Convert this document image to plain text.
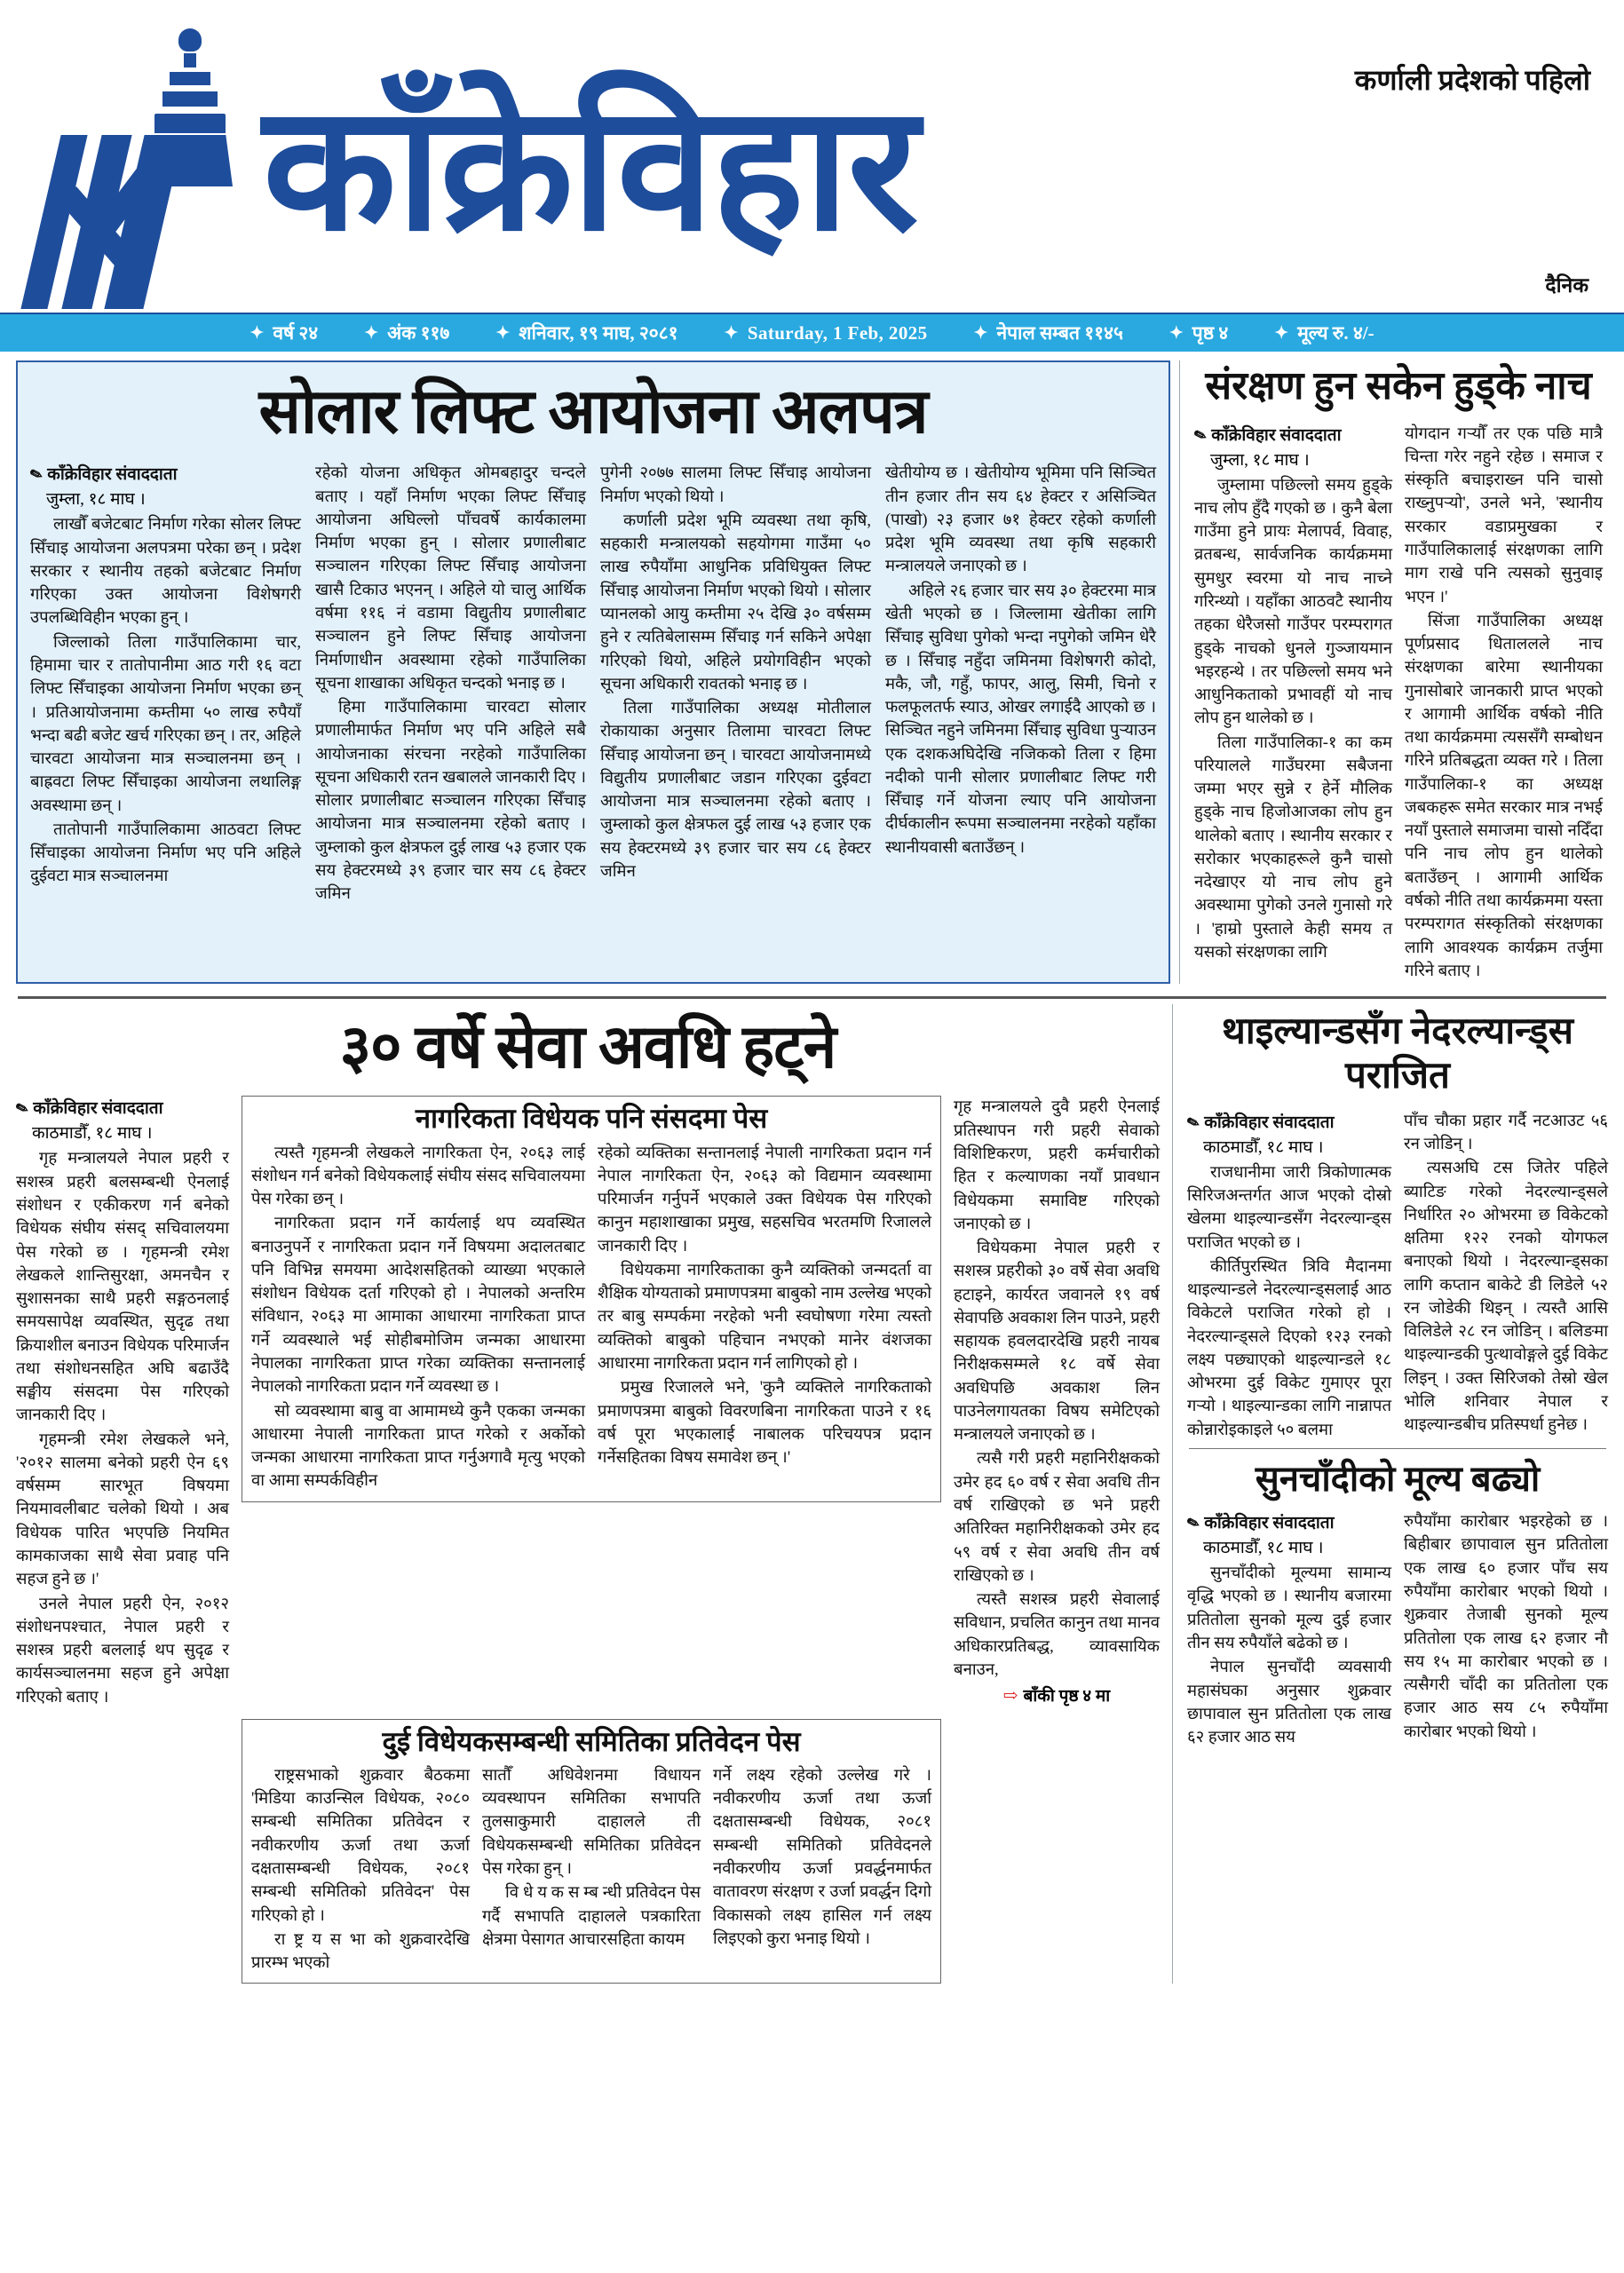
कर्णाली प्रदेशको पहिलो
काँक्रेविहार
दैनिक
✦ वर्ष २४	✦ अंक ११७	✦ शनिवार, १९ माघ, २०८१	✦ Saturday, 1 Feb, 2025	✦ नेपाल सम्बत ११४५	✦ पृष्ठ ४	✦ मूल्य रु. ४/-
सोलार लिफ्ट आयोजना अलपत्र
✎ काँक्रेविहार संवाददाता
जुम्ला, १८ माघ ।

लाखौँ बजेटबाट निर्माण गरेका सोलर लिफ्ट सिँचाइ आयोजना अलपत्रमा परेका छन् । प्रदेश सरकार र स्थानीय तहको बजेटबाट निर्माण गरिएका उक्त आयोजना विशेषगरी उपलब्धिविहीन भएका हुन् ।

जिल्लाको तिला गाउँपालिकामा चार, हिमामा चार र तातोपानीमा आठ गरी १६ वटा लिफ्ट सिँचाइका आयोजना निर्माण भएका छन् । प्रतिआयोजनामा कम्तीमा ५० लाख रुपैयाँ भन्दा बढी बजेट खर्च गरिएका छन् । तर, अहिले चारवटा आयोजना मात्र सञ्चालनमा छन् । बाह्रवटा लिफ्ट सिँचाइका आयोजना लथालिङ्ग अवस्थामा छन् ।

तातोपानी गाउँपालिकामा आठवटा लिफ्ट सिँचाइका आयोजना निर्माण भए पनि अहिले दुईवटा मात्र सञ्चालनमा

रहेको योजना अधिकृत ओमबहादुर चन्दले बताए । यहाँ निर्माण भएका लिफ्ट सिँचाइ आयोजना अघिल्लो पाँचवर्षे कार्यकालमा निर्माण भएका हुन् । सोलार प्रणालीबाट सञ्चालन गरिएका लिफ्ट सिँचाइ आयोजना खासै टिकाउ भएनन् । अहिले यो चालु आर्थिक वर्षमा ११६ नं वडामा विद्युतीय प्रणालीबाट सञ्चालन हुने लिफ्ट सिँचाइ आयोजना निर्माणाधीन अवस्थामा रहेको गाउँपालिका सूचना शाखाका अधिकृत चन्दको भनाइ छ ।

हिमा गाउँपालिकामा चारवटा सोलार प्रणालीमार्फत निर्माण भए पनि अहिले सबै आयोजनाका संरचना नरहेको गाउँपालिका सूचना अधिकारी रतन खबालले जानकारी दिए । सोलार प्रणालीबाट सञ्चालन गरिएका सिँचाइ आयोजना मात्र सञ्चालनमा रहेको बताए । जुम्लाको कुल क्षेत्रफल दुई लाख ५३ हजार एक सय हेक्टरमध्ये ३९ हजार चार सय ८६ हेक्टर जमिन

पुगेनी २०७७ सालमा लिफ्ट सिँचाइ आयोजना निर्माण भएको थियो ।

कर्णाली प्रदेश भूमि व्यवस्था तथा कृषि, सहकारी मन्त्रालयको सहयोगमा गाउँमा ५० लाख रुपैयाँमा आधुनिक प्रविधियुक्त लिफ्ट सिँचाइ आयोजना निर्माण भएको थियो । सोलार प्यानलको आयु कम्तीमा २५ देखि ३० वर्षसम्म हुने र त्यतिबेलासम्म सिँचाइ गर्न सकिने अपेक्षा गरिएको थियो, अहिले प्रयोगविहीन भएको सूचना अधिकारी रावतको भनाइ छ ।

तिला गाउँपालिका अध्यक्ष मोतीलाल रोकायाका अनुसार तिलामा चारवटा लिफ्ट सिँचाइ आयोजना छन् । चारवटा आयोजनामध्ये विद्युतीय प्रणालीबाट जडान गरिएका दुईवटा आयोजना मात्र सञ्चालनमा रहेको बताए । जुम्लाको कुल क्षेत्रफल दुई लाख ५३ हजार एक सय हेक्टरमध्ये ३९ हजार चार सय ८६ हेक्टर जमिन

खेतीयोग्य छ । खेतीयोग्य भूमिमा पनि सिञ्चित तीन हजार तीन सय ६४ हेक्टर र असिञ्चित (पाखो) २३ हजार ७१ हेक्टर रहेको कर्णाली प्रदेश भूमि व्यवस्था तथा कृषि सहकारी मन्त्रालयले जनाएको छ ।

अहिले २६ हजार चार सय ३० हेक्टरमा मात्र खेती भएको छ । जिल्लामा खेतीका लागि सिँचाइ सुविधा पुगेको भन्दा नपुगेको जमिन धेरै छ । सिँचाइ नहुँदा जमिनमा विशेषगरी कोदो, मकै, जौ, गहुँ, फापर, आलु, सिमी, चिनो र फलफूलतर्फ स्याउ, ओखर लगाईदै आएको छ । सिञ्चित नहुने जमिनमा सिँचाइ सुविधा पुर्‍याउन एक दशकअघिदेखि नजिकको तिला र हिमा नदीको पानी सोलार प्रणालीबाट लिफ्ट गरी सिँचाइ गर्ने योजना ल्याए पनि आयोजना दीर्घकालीन रूपमा सञ्चालनमा नरहेको यहाँका स्थानीयवासी बताउँछन् ।

संरक्षण हुन सकेन हुड्के नाच
✎ काँक्रेविहार संवाददाता
जुम्ला, १८ माघ ।

जुम्लामा पछिल्लो समय हुड्के नाच लोप हुँदै गएको छ । कुनै बेला गाउँमा हुने प्रायः मेलापर्व, विवाह, व्रतबन्ध, सार्वजनिक कार्यक्रममा सुमधुर स्वरमा यो नाच नाच्ने गरिन्थ्यो । यहाँका आठवटै स्थानीय तहका धेरैजसो गाउँपर परम्परागत हुड्के नाचको धुनले गुञ्जायमान भइरहन्थे । तर पछिल्लो समय भने आधुनिकताको प्रभावहीं यो नाच लोप हुन थालेको छ ।

तिला गाउँपालिका-१ का कम परियालले गाउँघरमा सबैजना जम्मा भएर सुन्ने र हेर्ने मौलिक हुड्के नाच हिजोआजका लोप हुन थालेको बताए । स्थानीय सरकार र सरोकार भएकाहरूले कुनै चासो नदेखाएर यो नाच लोप हुने अवस्थामा पुगेको उनले गुनासो गरे । 'हाम्रो पुस्ताले केही समय त यसको संरक्षणका लागि

योगदान गर्‍यौँ तर एक पछि मात्रै चिन्ता गरेर नहुने रहेछ । समाज र संस्कृति बचाइराख्न पनि चासो राख्नुपर्‍यो', उनले भने, 'स्थानीय सरकार वडाप्रमुखका र गाउँपालिकालाई संरक्षणका लागि माग राखे पनि त्यसको सुनुवाइ भएन ।'

सिंजा गाउँपालिका अध्यक्ष पूर्णप्रसाद धिताललले नाच संरक्षणका बारेमा स्थानीयका गुनासोबारे जानकारी प्राप्त भएको र आगामी आर्थिक वर्षको नीति तथा कार्यक्रममा त्यससँगै सम्बोधन गरिने प्रतिबद्धता व्यक्त गरे । तिला गाउँपालिका-१ का अध्यक्ष जबकहरू समेत सरकार मात्र नभई नयाँ पुस्ताले समाजमा चासो नदिँदा पनि नाच लोप हुन थालेको बताउँछन् । आगामी आर्थिक वर्षको नीति तथा कार्यक्रममा यस्ता परम्परागत संस्कृतिको संरक्षणका लागि आवश्यक कार्यक्रम तर्जुमा गरिने बताए ।

३० वर्षे सेवा अवधि हट्ने
✎ काँक्रेविहार संवाददाता
काठमाडौँ, १८ माघ ।

गृह मन्त्रालयले नेपाल प्रहरी र सशस्त्र प्रहरी बलसम्बन्धी ऐनलाई संशोधन र एकीकरण गर्न बनेको विधेयक संघीय संसद् सचिवालयमा पेस गरेको छ । गृहमन्त्री रमेश लेखकले शान्तिसुरक्षा, अमनचैन र सुशासनका साथै प्रहरी सङ्गठनलाई समयसापेक्ष व्यवस्थित, सुदृढ तथा क्रियाशील बनाउन विधेयक परिमार्जन तथा संशोधनसहित अघि बढाउँदै सङ्घीय संसदमा पेस गरिएको जानकारी दिए ।

गृहमन्त्री रमेश लेखकले भने, '२०१२ सालमा बनेको प्रहरी ऐन ६९ वर्षसम्म सारभूत विषयमा नियमावलीबाट चलेको थियो । अब विधेयक पारित भएपछि नियमित कामकाजका साथै सेवा प्रवाह पनि सहज हुने छ ।'

उनले नेपाल प्रहरी ऐन, २०१२ संशोधनपश्चात, नेपाल प्रहरी र सशस्त्र प्रहरी बललाई थप सुदृढ र कार्यसञ्चालनमा सहज हुने अपेक्षा गरिएको बताए ।

नागरिकता विधेयक पनि संसदमा पेस

त्यस्तै गृहमन्त्री लेखकले नागरिकता ऐन, २०६३ लाई संशोधन गर्न बनेको विधेयकलाई संघीय संसद सचिवालयमा पेस गरेका छन् ।

नागरिकता प्रदान गर्ने कार्यलाई थप व्यवस्थित बनाउनुपर्ने र नागरिकता प्रदान गर्ने विषयमा अदालतबाट पनि विभिन्न समयमा आदेशसहितको व्याख्या भएकाले संशोधन विधेयक दर्ता गरिएको हो । नेपालको अन्तरिम संविधान, २०६३ मा आमाका आधारमा नागरिकता प्राप्त गर्ने व्यवस्थाले भई सोहीबमोजिम जन्मका आधारमा नेपालका नागरिकता प्राप्त गरेका व्यक्तिका सन्तानलाई नेपालको नागरिकता प्रदान गर्ने व्यवस्था छ ।

सो व्यवस्थामा बाबु वा आमामध्ये कुनै एकका जन्मका आधारमा नेपाली नागरिकता प्राप्त गरेको र अर्कोको जन्मका आधारमा नागरिकता प्राप्त गर्नुअगावै मृत्यु भएको वा आमा सम्पर्कविहीन

रहेको व्यक्तिका सन्तानलाई नेपाली नागरिकता प्रदान गर्न नेपाल नागरिकता ऐन, २०६३ को विद्यमान व्यवस्थामा परिमार्जन गर्नुपर्ने भएकाले उक्त विधेयक पेस गरिएको कानुन महाशाखाका प्रमुख, सहसचिव भरतमणि रिजालले जानकारी दिए ।

विधेयकमा नागरिकताका कुनै व्यक्तिको जन्मदर्ता वा शैक्षिक योग्यताको प्रमाणपत्रमा बाबुको नाम उल्लेख भएको तर बाबु सम्पर्कमा नरहेको भनी स्वघोषणा गरेमा त्यस्तो व्यक्तिको बाबुको पहिचान नभएको मानेर वंशजका आधारमा नागरिकता प्रदान गर्न लागिएको हो ।

प्रमुख रिजालले भने, 'कुनै व्यक्तिले नागरिकताको प्रमाणपत्रमा बाबुको विवरणबिना नागरिकता पाउने र १६ वर्ष पूरा भएकालाई नाबालक परिचयपत्र प्रदान गर्नेसहितका विषय समावेश छन् ।'

गृह मन्त्रालयले दुवै प्रहरी ऐनलाई प्रतिस्थापन गरी प्रहरी सेवाको विशिष्टिकरण, प्रहरी कर्मचारीको हित र कल्याणका नयाँ प्रावधान विधेयकमा समाविष्ट गरिएको जनाएको छ ।

विधेयकमा नेपाल प्रहरी र सशस्त्र प्रहरीको ३० वर्षे सेवा अवधि हटाइने, कार्यरत जवानले १९ वर्ष सेवापछि अवकाश लिन पाउने, प्रहरी सहायक हवलदारदेखि प्रहरी नायब निरीक्षकसम्मले १८ वर्षे सेवा अवधिपछि अवकाश लिन पाउनेलगायतका विषय समेटिएको मन्त्रालयले जनाएको छ ।

त्यसै गरी प्रहरी महानिरीक्षकको उमेर हद ६० वर्ष र सेवा अवधि तीन वर्ष राखिएको छ भने प्रहरी अतिरिक्त महानिरीक्षकको उमेर हद ५९ वर्ष र सेवा अवधि तीन वर्ष राखिएको छ ।

त्यस्तै सशस्त्र प्रहरी सेवालाई सविधान, प्रचलित कानुन तथा मानव अधिकारप्रतिबद्ध, व्यावसायिक बनाउन,

⇨ बाँकी पृष्ठ ४ मा
दुई विधेयकसम्बन्धी समितिका प्रतिवेदन पेस

राष्ट्रसभाको शुक्रवार बैठकमा 'मिडिया काउन्सिल विधेयक, २०८० सम्बन्धी समितिका प्रतिवेदन र नवीकरणीय ऊर्जा तथा ऊर्जा दक्षतासम्बन्धी विधेयक, २०८१ सम्बन्धी समितिको प्रतिवेदन' पेस गरिएको हो ।

रा ष्ट्र य स भा को शुक्रवारदेखि प्रारम्भ भएको

सातौँ अधिवेशनमा विधायन व्यवस्थापन समितिका सभापति तुलसाकुमारी दाहालले ती विधेयकसम्बन्धी समितिका प्रतिवेदन पेस गरेका हुन् ।

वि धे य क स म्ब न्धी प्रतिवेदन पेस गर्दै सभापति दाहालले पत्रकारिता क्षेत्रमा पेसागत आचारसहिता कायम

गर्ने लक्ष्य रहेको उल्लेख गरे । नवीकरणीय ऊर्जा तथा ऊर्जा दक्षतासम्बन्धी विधेयक, २०८१ सम्बन्धी समितिको प्रतिवेदनले नवीकरणीय ऊर्जा प्रवर्द्धनमार्फत वातावरण संरक्षण र उर्जा प्रवर्द्धन दिगो विकासको लक्ष्य हासिल गर्न लक्ष्य लिइएको कुरा भनाइ थियो ।

थाइल्यान्डसँग नेदरल्यान्ड्स पराजित
✎ काँक्रेविहार संवाददाता
काठमाडौँ, १८ माघ ।

राजधानीमा जारी त्रिकोणात्मक सिरिजअन्तर्गत आज भएको दोस्रो खेलमा थाइल्यान्डसँग नेदरल्यान्ड्स पराजित भएको छ ।

कीर्तिपुरस्थित त्रिवि मैदानमा थाइल्यान्डले नेदरल्यान्ड्सलाई आठ विकेटले पराजित गरेको हो । नेदरल्यान्ड्सले दिएको १२३ रनको लक्ष्य पछ्याएको थाइल्यान्डले १८ ओभरमा दुई विकेट गुमाएर पूरा गर्‍यो । थाइल्यान्डका लागि नान्नापत कोन्नारोइकाइले ५० बलमा

पाँच चौका प्रहार गर्दै नटआउट ५६ रन जोडिन् ।

त्यसअघि टस जितेर पहिले ब्याटिङ गरेको नेदरल्यान्ड्सले निर्धारित २० ओभरमा छ विकेटको क्षतिमा १२२ रनको योगफल बनाएको थियो । नेदरल्यान्ड्सका लागि कप्तान बाकेटे डी लिडेले ५२ रन जोडेकी थिइन् । त्यस्तै आसि विलिडेले २८ रन जोडिन् । बलिङमा थाइल्यान्डकी पुत्थावोङ्गले दुई विकेट लिइन् । उक्त सिरिजको तेस्रो खेल भोलि शनिवार नेपाल र थाइल्यान्डबीच प्रतिस्पर्धा हुनेछ ।

सुनचाँदीको मूल्य बढ्यो
✎ काँक्रेविहार संवाददाता
काठमाडौँ, १८ माघ ।

सुनचाँदीको मूल्यमा सामान्य वृद्धि भएको छ । स्थानीय बजारमा प्रतितोला सुनको मूल्य दुई हजार तीन सय रुपैयाँले बढेको छ ।

नेपाल सुनचाँदी व्यवसायी महासंघका अनुसार शुक्रवार छापावाल सुन प्रतितोला एक लाख ६२ हजार आठ सय

रुपैयाँमा कारोबार भइरहेको छ । बिहीबार छापावाल सुन प्रतितोला एक लाख ६० हजार पाँच सय रुपैयाँमा कारोबार भएको थियो । शुक्रवार तेजाबी सुनको मूल्य प्रतितोला एक लाख ६२ हजार नौ सय १५ मा कारोबार भएको छ । त्यसैगरी चाँदी का प्रतितोला एक हजार आठ सय ८५ रुपैयाँमा कारोबार भएको थियो ।
